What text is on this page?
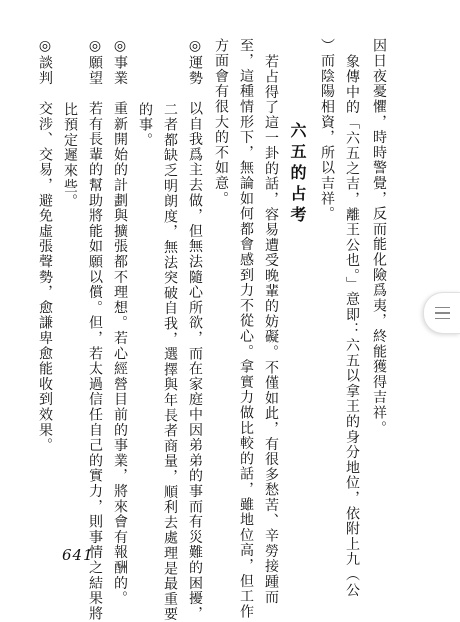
因日夜憂懼，時時警覺，反而能化險爲夷，終能獲得吉祥。
象傳中的「六五之吉，離王公也。」意即：六五以拿王的身分地位，依附上九（公
）而陰陽相資，所以吉祥。
六五的占考
若占得了這一卦的話，容易遭受晚輩的妨礙。不僅如此，有很多愁苦、辛勞接踵而
至，這種情形下，無論如何都會感到力不從心。拿實力做比較的話，雖地位高，但工作
方面會有很大的不如意。
◎運勢　以自我爲主去做，但無法隨心所欲，而在家庭中因弟弟的事而有災難的困擾，
二者都缺乏明朗度，無法突破自我，選擇與年長者商量，順利去處理是最重要
的事。
◎事業　重新開始的計劃與擴張都不理想。若心經營目前的事業，將來會有報酬的。
◎願望　若有長輩的幫助將能如願以償。但，若太過信任自己的實力，則事情之結果將
比預定遲來些。
◎談判　交涉、交易，避免虛張聲勢，愈謙卑愈能收到效果。
641
